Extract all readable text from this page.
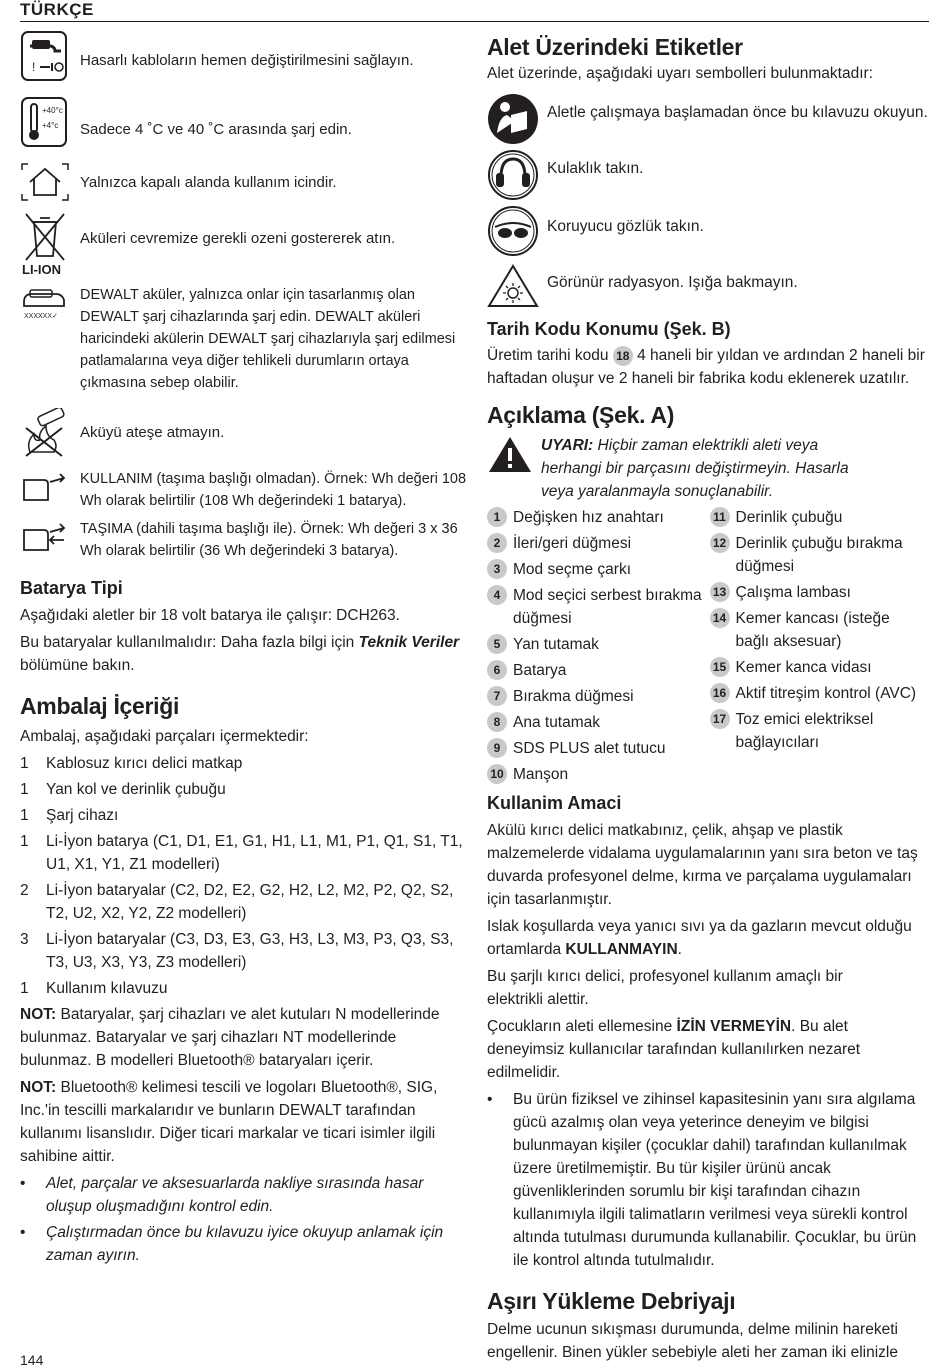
TÜRKÇE
!	Hasarlı kabloların hemen değiştirilmesini sağlayın.
+40°c
+4°c Sadece 4 ˚C ve 40 ˚C arasında şarj edin.
Yalnızca kapalı alanda kullanım icindir.
LI-ION
Aküleri cevremize gerekli ozeni gostererek atın.
XXXXXX✓
DEWALT aküler, yalnızca onlar için tasarlanmış olan DEWALT şarj cihazlarında şarj edin. DEWALT aküleri haricindeki akülerin DEWALT şarj cihazlarıyla şarj edilmesi patlamalarına veya diğer tehlikeli durumların ortaya çıkmasına sebep olabilir.
Aküyü ateşe atmayın.
KULLANIM (taşıma başlığı olmadan). Örnek: Wh değeri 108 Wh olarak belirtilir (108 Wh değerindeki 1 batarya).
TAŞIMA (dahili taşıma başlığı ile). Örnek: Wh değeri 3 x 36 Wh olarak belirtilir (36 Wh değerindeki 3 batarya).
Batarya Tipi

Aşağıdaki aletler bir 18 volt batarya ile çalışır: DCH263.

Bu bataryalar kullanılmalıdır: Daha fazla bilgi için Teknik Veriler bölümüne bakın.

Ambalaj İçeriği

Ambalaj, aşağıdaki parçaları içermektedir:

1	Kablosuz kırıcı delici matkap
1	Yan kol ve derinlik çubuğu
1	Şarj cihazı
1	Li-İyon batarya (C1, D1, E1, G1, H1, L1, M1, P1, Q1, S1, T1, U1, X1, Y1, Z1 modelleri)
2	Li-İyon bataryalar (C2, D2, E2, G2, H2, L2, M2, P2, Q2, S2, T2, U2, X2, Y2, Z2 modelleri)
3	Li-İyon bataryalar (C3, D3, E3, G3, H3, L3, M3, P3, Q3, S3, T3, U3, X3, Y3, Z3 modelleri)
1	Kullanım kılavuzu

NOT: Bataryalar, şarj cihazları ve alet kutuları N modellerinde bulunmaz. Bataryalar ve şarj cihazları NT modellerinde bulunmaz. B modelleri Bluetooth® bataryaları içerir.

NOT: Bluetooth® kelimesi tescili ve logoları Bluetooth®, SIG, Inc.'in tescilli markalarıdır ve bunların DEWALT tarafından kullanımı lisanslıdır. Diğer ticari markalar ve ticari isimler ilgili sahibine aittir.

•	Alet, parçalar ve aksesuarlarda nakliye sırasında hasar oluşup oluşmadığını kontrol edin.
•	Çalıştırmadan önce bu kılavuzu iyice okuyup anlamak için zaman ayırın.
Alet Üzerindeki Etiketler

Alet üzerinde, aşağıdaki uyarı sembolleri bulunmaktadır:

Aletle çalışmaya başlamadan önce bu kılavuzu okuyun.
Kulaklık takın.
Koruyucu gözlük takın.
Görünür radyasyon. Işığa bakmayın.
Tarih Kodu Konumu (Şek. B)

Üretim tarihi kodu 18 4 haneli bir yıldan ve ardından 2 haneli bir haftadan oluşur ve 2 haneli bir fabrika kodu eklenerek uzatılır.

Açıklama (Şek. A)

UYARI: Hiçbir zaman elektrikli aleti veya herhangi bir parçasını değiştirmeyin. Hasarla veya yaralanmayla sonuçlanabilir.

1 Değişken hız anahtarı
2 İleri/geri düğmesi
3 Mod seçme çarkı
4 Mod seçici serbest bırakma düğmesi
5 Yan tutamak
6 Batarya
7 Bırakma düğmesi
8 Ana tutamak
9 SDS PLUS alet tutucu
10 Manşon
11 Derinlik çubuğu
12 Derinlik çubuğu bırakma düğmesi
13 Çalışma lambası
14 Kemer kancası (isteğe bağlı aksesuar)
15 Kemer kanca vidası
16 Aktif titreşim kontrol (AVC)
17 Toz emici elektriksel bağlayıcıları
Kullanim Amaci

Akülü kırıcı delici matkabınız, çelik, ahşap ve plastik malzemelerde vidalama uygulamalarının yanı sıra beton ve taş duvarda profesyonel delme, kırma ve parçalama uygulamaları için tasarlanmıştır.

Islak koşullarda veya yanıcı sıvı ya da gazların mevcut olduğu ortamlarda KULLANMAYIN.

Bu şarjlı kırıcı delici, profesyonel kullanım amaçlı bir elektrikli alettir.

Çocukların aleti ellemesine İZİN VERMEYİN. Bu alet deneyimsiz kullanıcılar tarafından kullanılırken nezaret edilmelidir.

•	Bu ürün fiziksel ve zihinsel kapasitesinin yanı sıra algılama gücü azalmış olan veya yeterince deneyim ve bilgisi bulunmayan kişiler (çocuklar dahil) tarafından kullanılmak üzere üretilmemiştir. Bu tür kişiler ürünü ancak güvenliklerinden sorumlu bir kişi tarafından cihazın kullanımıyla ilgili talimatların verilmesi veya sürekli kontrol altında tutulması durumunda kullanabilir. Çocuklar, bu ürün ile kontrol altında tutulmalıdır.
Aşırı Yükleme Debriyajı

Delme ucunun sıkışması durumunda, delme milinin hareketi engellenir. Binen yükler sebebiyle aleti her zaman iki elinizle

144
